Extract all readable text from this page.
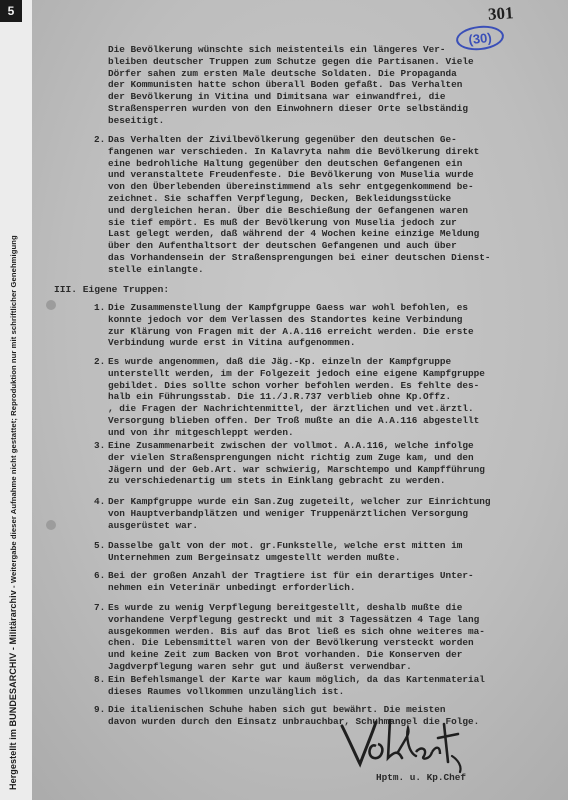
5
Hergestellt im BUNDESARCHIV - Militärarchiv - Weitergabe dieser Aufnahme nicht gestattet; Reproduktion nur mit schriftlicher Genehmigung
301
(30)
Die Bevölkerung wünschte sich meistenteils ein längeres Ver-
bleiben deutscher Truppen zum Schutze gegen die Partisanen. Viele
Dörfer sahen zum ersten Male deutsche Soldaten. Die Propaganda
der Kommunisten hatte schon überall Boden gefaßt. Das Verhalten
der Bevölkerung in Vitina und Dimitsana war einwandfrei, die
Straßensperren wurden von den Einwohnern dieser Orte selbständig
beseitigt.
2. Das Verhalten der Zivilbevölkerung gegenüber den deutschen Ge-
fangenen war verschieden. In Kalavryta nahm die Bevölkerung direkt
eine bedrohliche Haltung gegenüber den deutschen Gefangenen ein
und veranstaltete Freudenfeste. Die Bevölkerung von Muselia wurde
von den Überlebenden übereinstimmend als sehr entgegenkommend be-
zeichnet. Sie schaffen Verpflegung, Decken, Bekleidungsstücke
und dergleichen heran. Über die Beschießung der Gefangenen waren
sie tief empört. Es muß der Bevölkerung von Muselia jedoch zur
Last gelegt werden, daß während der 4 Wochen keine einzige Meldung
über den Aufenthaltsort der deutschen Gefangenen und auch über
das Vorhandensein der Straßensprengungen bei einer deutschen Dienst-
stelle einlangte.
III. Eigene Truppen:
1. Die Zusammenstellung der Kampfgruppe Gaess war wohl befohlen, es
konnte jedoch vor dem Verlassen des Standortes keine Verbindung
zur Klärung von Fragen mit der A.A.116 erreicht werden. Die erste
Verbindung wurde erst in Vitina aufgenommen.
2. Es wurde angenommen, daß die Jäg.-Kp. einzeln der Kampfgruppe
unterstellt werden, im der Folgezeit jedoch eine eigene Kampfgruppe
gebildet. Dies sollte schon vorher befohlen werden. Es fehlte des-
halb ein Führungsstab. Die 11./J.R.737 verblieb ohne Kp.Offz.
, die Fragen der Nachrichtenmittel, der ärztlichen und vet.ärztl.
Versorgung blieben offen. Der Troß mußte an die A.A.116 abgestellt
und von ihr mitgeschleppt werden.
3. Eine Zusammenarbeit zwischen der vollmot. A.A.116, welche infolge
der vielen Straßensprengungen nicht richtig zum Zuge kam, und den
Jägern und der Geb.Art. war schwierig, Marschtempo und Kampfführung
zu verschiedenartig um stets in Einklang gebracht zu werden.
4. Der Kampfgruppe wurde ein San.Zug zugeteilt, welcher zur Einrichtung
von Hauptverbandplätzen und weniger Truppenärztlichen Versorgung
ausgerüstet war.
5. Dasselbe galt von der mot. gr.Funkstelle, welche erst mitten im
Unternehmen zum Bergeinsatz umgestellt werden mußte.
6. Bei der großen Anzahl der Tragtiere ist für ein derartiges Unter-
nehmen ein Veterinär unbedingt erforderlich.
7. Es wurde zu wenig Verpflegung bereitgestellt, deshalb mußte die
vorhandene Verpflegung gestreckt und mit 3 Tagessätzen 4 Tage lang
ausgekommen werden. Bis auf das Brot ließ es sich ohne weiteres ma-
chen. Die Lebensmittel waren von der Bevölkerung versteckt worden
und keine Zeit zum Backen von Brot vorhanden. Die Konserven der
Jagdverpflegung waren sehr gut und äußerst verwendbar.
8. Ein Befehlsmangel der Karte war kaum möglich, da das Kartenmaterial
dieses Raumes vollkommen unzulänglich ist.
9. Die italienischen Schuhe haben sich gut bewährt. Die meisten
davon wurden durch den Einsatz unbrauchbar, Schuhmangel die Folge.
Hptm. u. Kp.Chef
